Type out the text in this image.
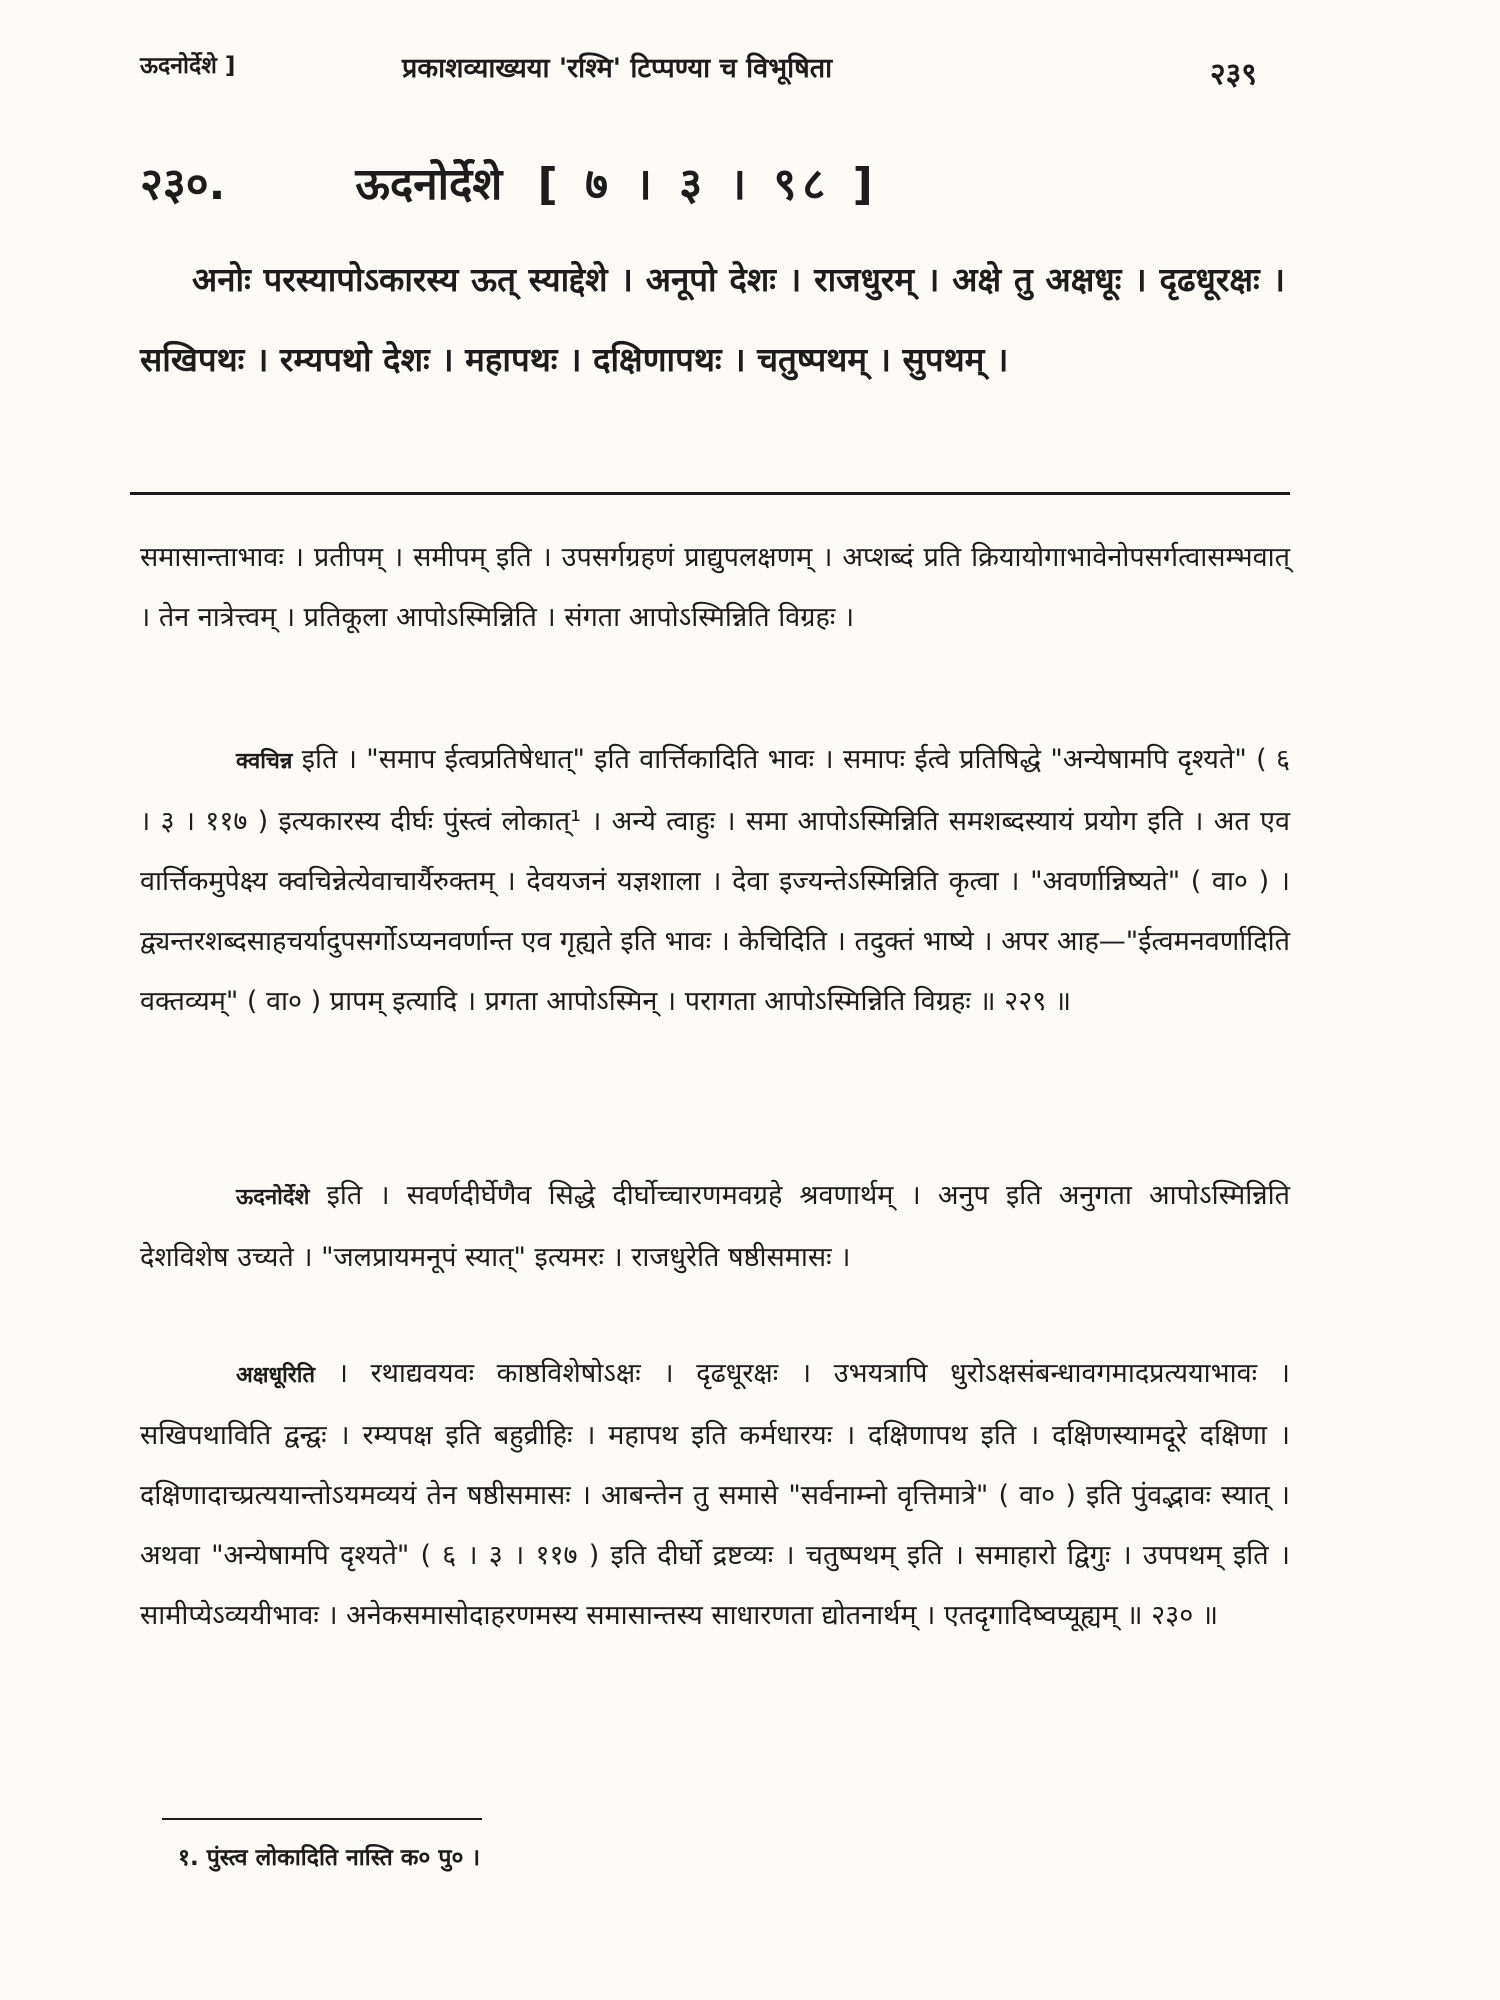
ऊदनोर्देशे ]	प्रकाशव्याख्यया 'रश्मि' टिप्पण्या च विभूषिता	२३९
२३०.	ऊदनोर्देशे [ ७ । ३ । ९८ ]
अनोः परस्यापोऽकारस्य ऊत् स्याद्देशे । अनूपो देशः । राजधुरम् । अक्षे तु अक्षधूः । दृढधूरक्षः । सखिपथः । रम्यपथो देशः । महापथः । दक्षिणापथः । चतुष्पथम् । सुपथम् ।
समासान्ताभावः । प्रतीपम् । समीपम् इति । उपसर्गग्रहणं प्राद्युपलक्षणम् । अप्शब्दं प्रति क्रियायोगाभावेनोपसर्गत्वासम्भवात् । तेन नात्रेत्त्वम् । प्रतिकूला आपोऽस्मिन्निति । संगता आपोऽस्मिन्निति विग्रहः ।
क्वचिन्न इति । "समाप ईत्वप्रतिषेधात्" इति वार्त्तिकादिति भावः । समापः ईत्वे प्रतिषिद्धे "अन्येषामपि दृश्यते" ( ६ । ३ । ११७ ) इत्यकारस्य दीर्घः पुंस्त्वं लोकात्¹ । अन्ये त्वाहुः । समा आपोऽस्मिन्निति समशब्दस्यायं प्रयोग इति । अत एव वार्त्तिकमुपेक्ष्य क्वचिन्नेत्येवाचार्यैरुक्तम् । देवयजनं यज्ञशाला । देवा इज्यन्तेऽस्मिन्निति कृत्वा । "अवर्णान्निष्यते" ( वा० ) । द्व्यन्तरशब्दसाहचर्यादुपसर्गोऽप्यनवर्णान्त एव गृह्यते इति भावः । केचिदिति । तदुक्तं भाष्ये । अपर आह—"ईत्वमनवर्णादिति वक्तव्यम्" ( वा० ) प्रापम् इत्यादि । प्रगता आपोऽस्मिन् । परागता आपोऽस्मिन्निति विग्रहः ॥ २२९ ॥
ऊदनोर्देशे इति । सवर्णदीर्घेणैव सिद्धे दीर्घोच्चारणमवग्रहे श्रवणार्थम् । अनुप इति अनुगता आपोऽस्मिन्निति देशविशेष उच्यते । "जलप्रायमनूपं स्यात्" इत्यमरः । राजधुरेति षष्ठीसमासः ।
अक्षधूरिति । रथाद्यवयवः काष्ठविशेषोऽक्षः । दृढधूरक्षः । उभयत्रापि धुरोऽक्षसंबन्धावगमादप्रत्ययाभावः । सखिपथाविति द्वन्द्वः । रम्यपक्ष इति बहुव्रीहिः । महापथ इति कर्मधारयः । दक्षिणापथ इति । दक्षिणस्यामदूरे दक्षिणा । दक्षिणादाच्प्रत्ययान्तोऽयमव्ययं तेन षष्ठीसमासः । आबन्तेन तु समासे "सर्वनाम्नो वृत्तिमात्रे" ( वा० ) इति पुंवद्भावः स्यात् । अथवा "अन्येषामपि दृश्यते" ( ६ । ३ । ११७ ) इति दीर्घो द्रष्टव्यः । चतुष्पथम् इति । समाहारो द्विगुः । उपपथम् इति । सामीप्येऽव्ययीभावः । अनेकसमासोदाहरणमस्य समासान्तस्य साधारणता द्योतनार्थम् । एतदृगादिष्वप्यूह्यम् ॥ २३० ॥
१. पुंस्त्व लोकादिति नास्ति क० पु० ।
